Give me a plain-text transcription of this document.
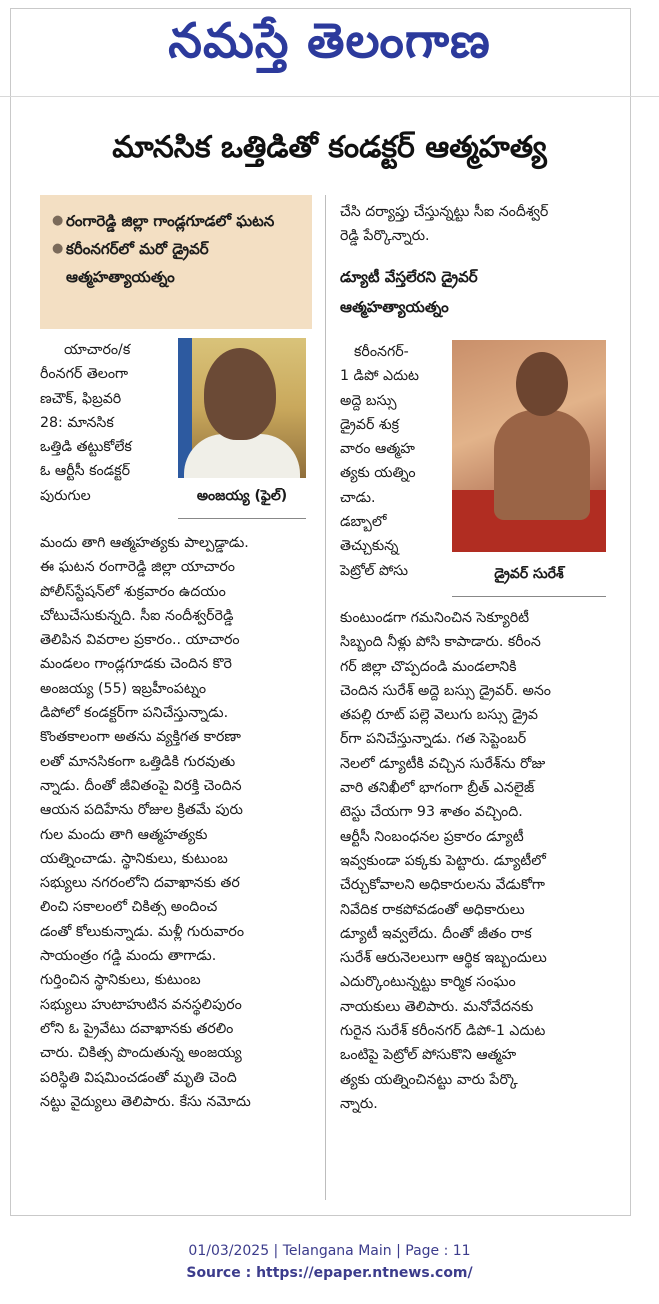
నమస్తే తెలంగాణ
మానసిక ఒత్తిడితో కండక్టర్ ఆత్మహత్య
● రంగారెడ్డి జిల్లా గాండ్లగూడలో ఘటన
● కరీంనగర్‌లో మరో డ్రైవర్ ఆత్మహత్యాయత్నం
అంజయ్య (ఫైల్)
యాచారం/క
రీంనగర్ తెలంగా
ణచౌక్, ఫిబ్రవరి
28: మానసిక
ఒత్తిడి తట్టుకోలేక
ఓ ఆర్టీసీ కండక్టర్
పురుగుల
మందు తాగి ఆత్మహత్యకు పాల్పడ్డాడు.
ఈ ఘటన రంగారెడ్డి జిల్లా యాచారం
పోలీస్‌స్టేషన్‌లో శుక్రవారం ఉదయం
చోటుచేసుకున్నది. సీఐ నందీశ్వర్‌రెడ్డి
తెలిపిన వివరాల ప్రకారం.. యాచారం
మండలం గాండ్లగూడకు చెందిన కొరె
అంజయ్య (55) ఇబ్రహీంపట్నం
డిపోలో కండక్టర్‌గా పనిచేస్తున్నాడు.
కొంతకాలంగా అతను వ్యక్తిగత కారణా
లతో మానసికంగా ఒత్తిడికి గురవుతు
న్నాడు. దీంతో జీవితంపై విరక్తి చెందిన
ఆయన పదిహేను రోజుల క్రితమే పురు
గుల మందు తాగి ఆత్మహత్యకు
యత్నించాడు. స్థానికులు, కుటుంబ
సభ్యులు నగరంలోని దవాఖానకు తర
లించి సకాలంలో చికిత్స అందించ
డంతో కోలుకున్నాడు. మళ్లీ గురువారం
సాయంత్రం గడ్డి మందు తాగాడు.
గుర్తించిన స్థానికులు, కుటుంబ
సభ్యులు హుటాహుటిన వనస్థలిపురం
లోని ఓ ప్రైవేటు దవాఖానకు తరలిం
చారు. చికిత్స పొందుతున్న అంజయ్య
పరిస్థితి విషమించడంతో మృతి చెంది
నట్టు వైద్యులు తెలిపారు. కేసు నమోదు
చేసి దర్యాప్తు చేస్తున్నట్టు సీఐ నందీశ్వర్
రెడ్డి పేర్కొన్నారు.
డ్యూటీ వేస్తలేరని డ్రైవర్
ఆత్మహత్యాయత్నం
డ్రైవర్ సురేశ్
కరీంనగర్-
1 డిపో ఎదుట
అద్దె బస్సు
డ్రైవర్ శుక్ర
వారం ఆత్మహ
త్యకు యత్నిం
చాడు.
డబ్బాలో
తెచ్చుకున్న
పెట్రోల్ పోసు
కుంటుండగా గమనించిన సెక్యూరిటీ
సిబ్బంది నీళ్లు పోసి కాపాడారు. కరీంన
గర్ జిల్లా చొప్పదండి మండలానికి
చెందిన సురేశ్ అద్దె బస్సు డ్రైవర్. అనం
తపల్లి రూట్ పల్లె వెలుగు బస్సు డ్రైవ
ర్‌గా పనిచేస్తున్నాడు. గత సెప్టెంబర్
నెలలో డ్యూటీకి వచ్చిన సురేశ్‌ను రోజు
వారి తనిఖీలో భాగంగా బ్రీత్ ఎనలైజ్
టెస్టు చేయగా 93 శాతం వచ్చింది.
ఆర్టీసీ నింబంధనల ప్రకారం డ్యూటీ
ఇవ్వకుండా పక్కకు పెట్టారు. డ్యూటీలో
చేర్చుకోవాలని అధికారులను వేడుకోగా
నివేదిక రాకపోవడంతో అధికారులు
డ్యూటీ ఇవ్వలేదు. దీంతో జీతం రాక
సురేశ్ ఆరునెలలుగా ఆర్థిక ఇబ్బందులు
ఎదుర్కొంటున్నట్టు కార్మిక సంఘం
నాయకులు తెలిపారు. మనోవేదనకు
గురైన సురేశ్ కరీంనగర్ డిపో-1 ఎదుట
ఒంటిపై పెట్రోల్ పోసుకొని ఆత్మహ
త్యకు యత్నించినట్టు వారు పేర్కొ
న్నారు.
01/03/2025 | Telangana Main | Page : 11
Source : https://epaper.ntnews.com/
